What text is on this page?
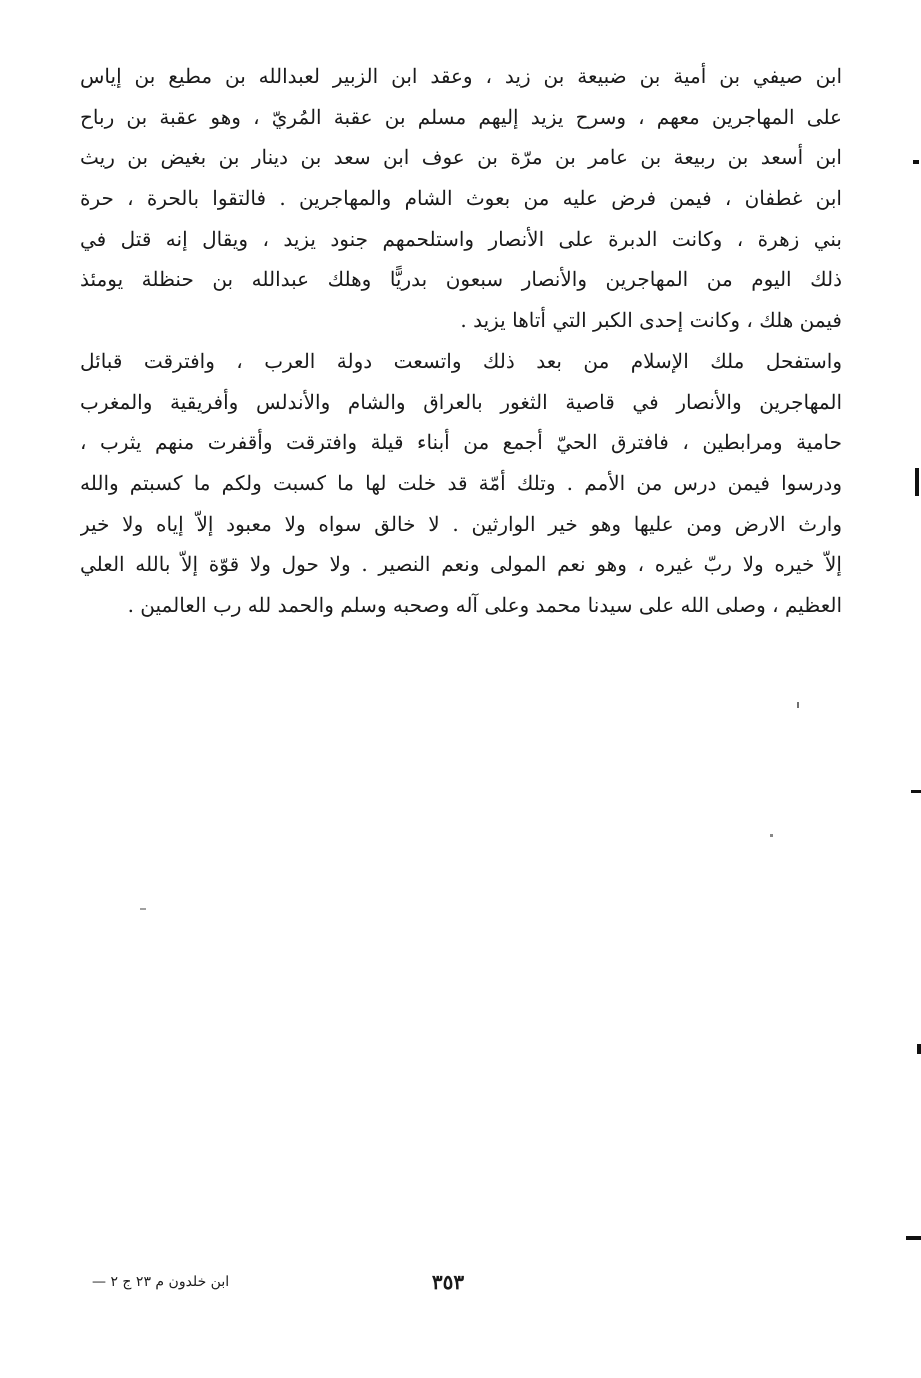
ابن صيفي بن أمية بن ضبيعة بن زيد ، وعقد ابن الزبير لعبدالله بن مطيع بن إياس
على المهاجرين معهم ، وسرح يزيد إليهم مسلم بن عقبة المُريّ ، وهو عقبة بن رباح
ابن أسعد بن ربيعة بن عامر بن مرّة بن عوف ابن سعد بن دينار بن بغيض بن ريث
ابن غطفان ، فيمن فرض عليه من بعوث الشام والمهاجرين . فالتقوا بالحرة ، حرة
بني زهرة ، وكانت الدبرة على الأنصار واستلحمهم جنود يزيد ، ويقال إنه قتل في
ذلك اليوم من المهاجرين والأنصار سبعون بدريًّا وهلك عبدالله بن حنظلة يومئذ
فيمن هلك ، وكانت إحدى الكبر التي أتاها يزيد .
واستفحل ملك الإسلام من بعد ذلك واتسعت دولة العرب ، وافترقت قبائل
المهاجرين والأنصار في قاصية الثغور بالعراق والشام والأندلس وأفريقية والمغرب
حامية ومرابطين ، فافترق الحيّ أجمع من أبناء قيلة وافترقت وأقفرت منهم يثرب ،
ودرسوا فيمن درس من الأمم . وتلك أمّة قد خلت لها ما كسبت ولكم ما كسبتم والله
وارث الارض ومن عليها وهو خير الوارثين . لا خالق سواه ولا معبود إلاّ إياه ولا خير
إلاّ خيره ولا ربّ غيره ، وهو نعم المولى ونعم النصير . ولا حول ولا قوّة إلاّ بالله العلي
العظيم ، وصلى الله على سيدنا محمد وعلى آله وصحبه وسلم والحمد لله رب العالمين .
ابن خلدون م ٢٣ ج ٢ —	٣٥٣
